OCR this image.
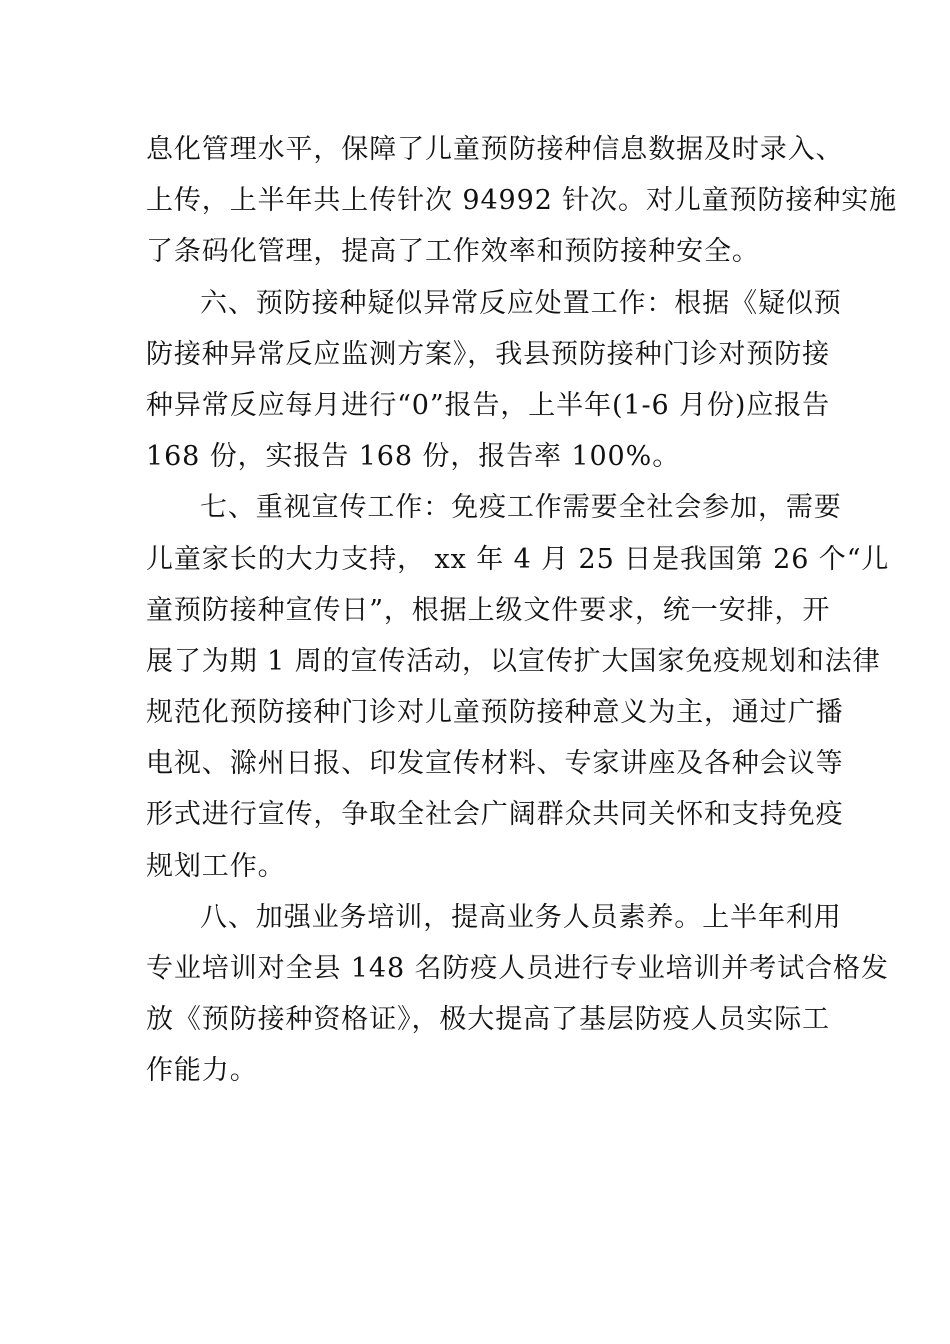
息化管理水平，保障了儿童预防接种信息数据及时录入、
上传，上半年共上传针次 94992 针次。对儿童预防接种实施
了条码化管理，提高了工作效率和预防接种安全。
六、预防接种疑似异常反应处置工作：根据《疑似预
防接种异常反应监测方案》，我县预防接种门诊对预防接
种异常反应每月进行“0”报告，上半年(1-6 月份)应报告
168 份，实报告 168 份，报告率 100%。
七、重视宣传工作：免疫工作需要全社会参加，需要
儿童家长的大力支持， xx 年 4 月 25 日是我国第 26 个“儿
童预防接种宣传日”，根据上级文件要求，统一安排，开
展了为期 1 周的宣传活动，以宣传扩大国家免疫规划和法律
规范化预防接种门诊对儿童预防接种意义为主，通过广播
电视、滁州日报、印发宣传材料、专家讲座及各种会议等
形式进行宣传，争取全社会广阔群众共同关怀和支持免疫
规划工作。
八、加强业务培训，提高业务人员素养。上半年利用
专业培训对全县 148 名防疫人员进行专业培训并考试合格发
放《预防接种资格证》，极大提高了基层防疫人员实际工
作能力。
